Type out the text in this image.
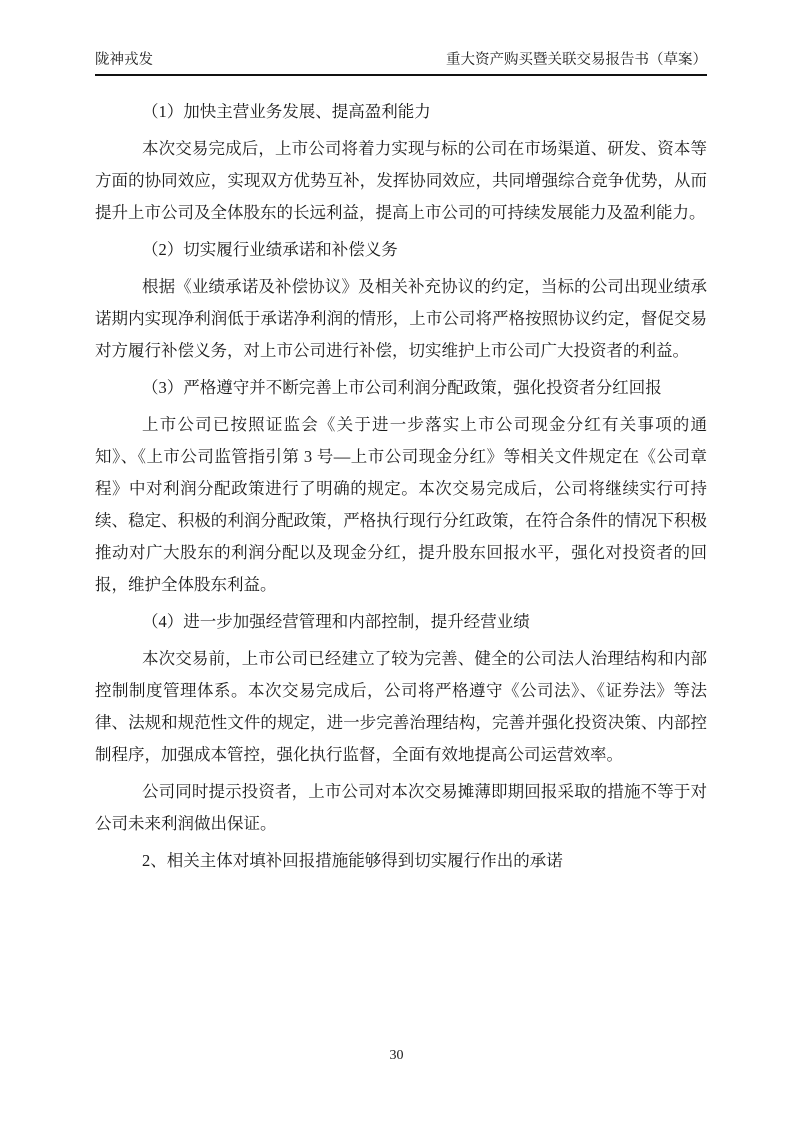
陇神戎发	重大资产购买暨关联交易报告书（草案）
（1）加快主营业务发展、提高盈利能力
本次交易完成后，上市公司将着力实现与标的公司在市场渠道、研发、资本等方面的协同效应，实现双方优势互补，发挥协同效应，共同增强综合竞争优势，从而提升上市公司及全体股东的长远利益，提高上市公司的可持续发展能力及盈利能力。
（2）切实履行业绩承诺和补偿义务
根据《业绩承诺及补偿协议》及相关补充协议的约定，当标的公司出现业绩承诺期内实现净利润低于承诺净利润的情形，上市公司将严格按照协议约定，督促交易对方履行补偿义务，对上市公司进行补偿，切实维护上市公司广大投资者的利益。
（3）严格遵守并不断完善上市公司利润分配政策，强化投资者分红回报
上市公司已按照证监会《关于进一步落实上市公司现金分红有关事项的通知》、《上市公司监管指引第 3 号—上市公司现金分红》等相关文件规定在《公司章程》中对利润分配政策进行了明确的规定。本次交易完成后，公司将继续实行可持续、稳定、积极的利润分配政策，严格执行现行分红政策，在符合条件的情况下积极推动对广大股东的利润分配以及现金分红，提升股东回报水平，强化对投资者的回报，维护全体股东利益。
（4）进一步加强经营管理和内部控制，提升经营业绩
本次交易前，上市公司已经建立了较为完善、健全的公司法人治理结构和内部控制制度管理体系。本次交易完成后，公司将严格遵守《公司法》、《证券法》等法律、法规和规范性文件的规定，进一步完善治理结构，完善并强化投资决策、内部控制程序，加强成本管控，强化执行监督，全面有效地提高公司运营效率。
公司同时提示投资者，上市公司对本次交易摊薄即期回报采取的措施不等于对公司未来利润做出保证。
2、相关主体对填补回报措施能够得到切实履行作出的承诺
30
